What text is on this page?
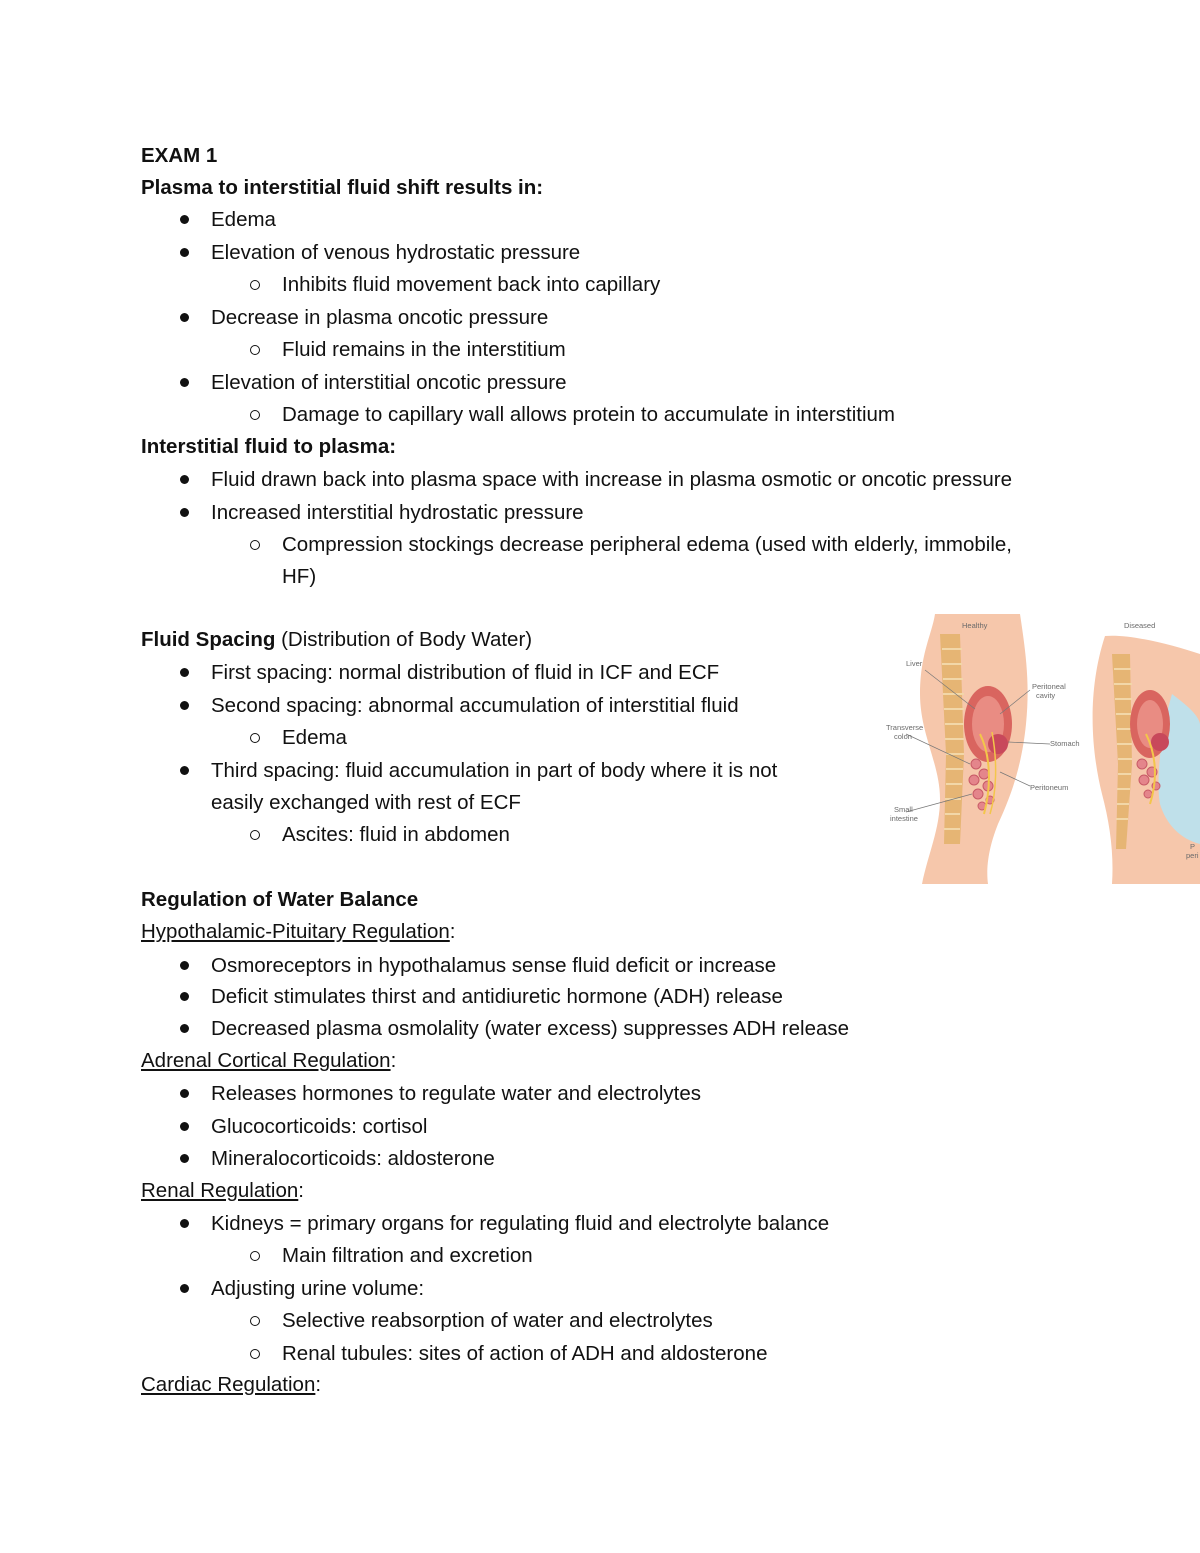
EXAM 1
Plasma to interstitial fluid shift results in:
Edema
Elevation of venous hydrostatic pressure
Inhibits fluid movement back into capillary
Decrease in plasma oncotic pressure
Fluid remains in the interstitium
Elevation of interstitial oncotic pressure
Damage to capillary wall allows protein to accumulate in interstitium
Interstitial fluid to plasma:
Fluid drawn back into plasma space with increase in plasma osmotic or oncotic pressure
Increased interstitial hydrostatic pressure
Compression stockings decrease peripheral edema (used with elderly, immobile,
HF)
Fluid Spacing (Distribution of Body Water)
First spacing: normal distribution of fluid in ICF and ECF
Second spacing: abnormal accumulation of interstitial fluid
Edema
Third spacing: fluid accumulation in part of body where it is not
easily exchanged with rest of ECF
Ascites: fluid in abdomen
Regulation of Water Balance
Hypothalamic-Pituitary Regulation:
Osmoreceptors in hypothalamus sense fluid deficit or increase
Deficit stimulates thirst and antidiuretic hormone (ADH) release
Decreased plasma osmolality (water excess) suppresses ADH release
Adrenal Cortical Regulation:
Releases hormones to regulate water and electrolytes
Glucocorticoids: cortisol
Mineralocorticoids: aldosterone
Renal Regulation:
Kidneys = primary organs for regulating fluid and electrolyte balance
Main filtration and excretion
Adjusting urine volume:
Selective reabsorption of water and electrolytes
Renal tubules: sites of action of ADH and aldosterone
Cardiac Regulation:
Healthy
Liver
Peritoneal
cavity
Transverse
colon
Stomach
Peritoneum
Small
intestine
Diseased
P
peri
